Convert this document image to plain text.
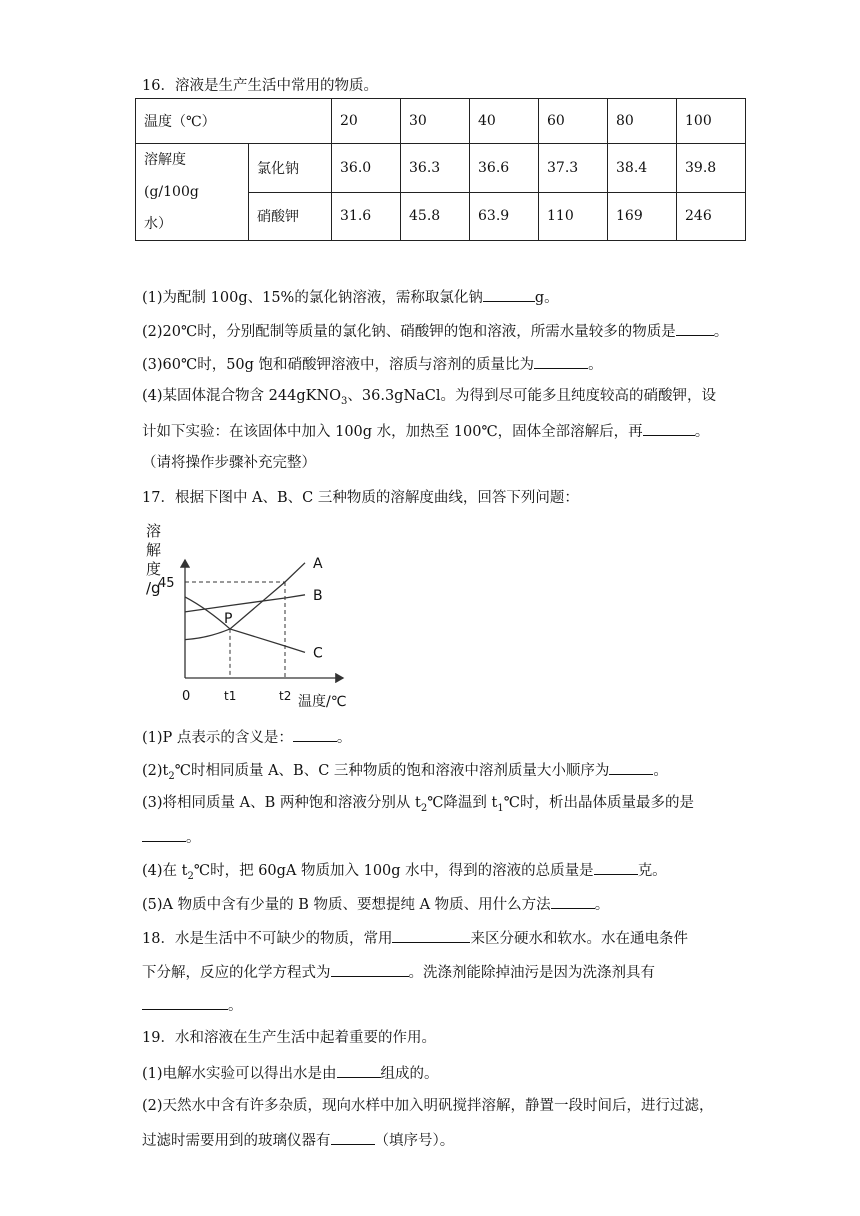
16．溶液是生产生活中常用的物质。
温度（℃）		20	30	40	60	80	100
溶解度(g/100g
水）	氯化钠	36.0	36.3	36.6	37.3	38.4	39.8
	硝酸钾	31.6	45.8	63.9	110	169	246
(1)为配制 100g、15%的氯化钠溶液，需称取氯化钠	g。
(2)20℃时，分别配制等质量的氯化钠、硝酸钾的饱和溶液，所需水量较多的物质是	。
(3)60℃时，50g 饱和硝酸钾溶液中，溶质与溶剂的质量比为	。
(4)某固体混合物含 244gKNO$_3$、36.3gNaCl。为得到尽可能多且纯度较高的硝酸钾，设
计如下实验：在该固体中加入 100g 水，加热至 100℃，固体全部溶解后，再	。
（请将操作步骤补充完整）
17．根据下图中 A、B、C 三种物质的溶解度曲线，回答下列问题：
溶
解
度
/g
温度/℃
0
A
B
C
45
t1	t2
P
(1)P 点表示的含义是：	。
$(2)t_2℃$时相同质量 A、B、C 三种物质的饱和溶液中溶剂质量大小顺序为	。
(3)将相同质量 A、B 两种饱和溶液分别从 $t_2℃$降温到 $t_1℃$时，析出晶体质量最多的是
。
(4)在 $t_2℃$时，把 60gA 物质加入 100g 水中，得到的溶液的总质量是	克。
(5)A 物质中含有少量的 B 物质、要想提纯 A 物质、用什么方法	。
18．水是生活中不可缺少的物质，常用	来区分硬水和软水。水在通电条件
下分解，反应的化学方程式为	。洗涤剂能除掉油污是因为洗涤剂具有
。
19．水和溶液在生产生活中起着重要的作用。
(1)电解水实验可以得出水是由	组成的。
(2)天然水中含有许多杂质，现向水样中加入明矾搅拌溶解，静置一段时间后，进行过滤，
过滤时需要用到的玻璃仪器有	（填序号）。
